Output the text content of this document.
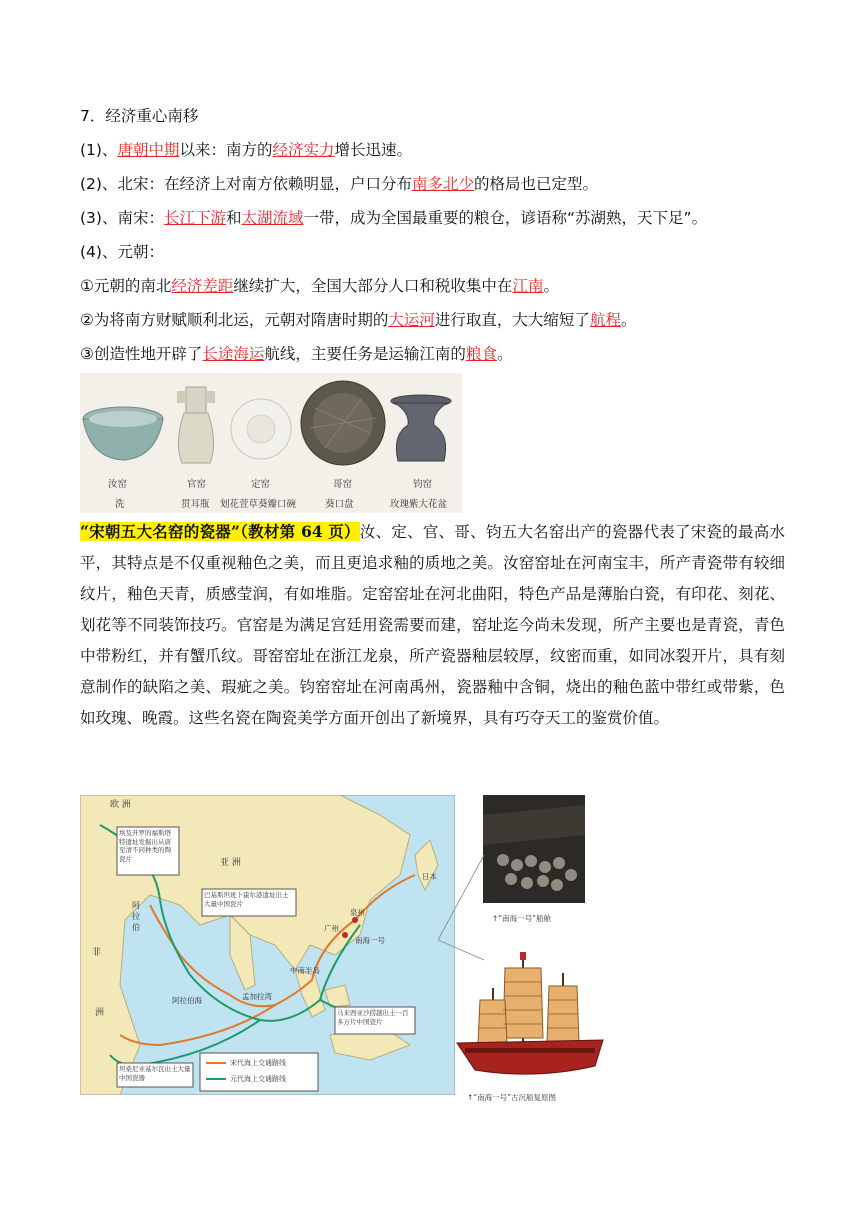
7．经济重心南移
(1)、唐朝中期以来：南方的经济实力增长迅速。
(2)、北宋：在经济上对南方依赖明显，户口分布南多北少的格局也已定型。
(3)、南宋：长江下游和太湖流域一带，成为全国最重要的粮仓，谚语称“苏湖熟，天下足”。
(4)、元朝：
①元朝的南北经济差距继续扩大，全国大部分人口和税收集中在江南。
②为将南方财赋顺利北运，元朝对隋唐时期的大运河进行取直，大大缩短了航程。
③创造性地开辟了长途海运航线，主要任务是运输江南的粮食。
汝窑
洗
官窑
贯耳瓶
定窑
划花萱草葵瓣口碗
哥窑
葵口盘
钧窑
玫瑰紫大花盆
“宋朝五大名窑的瓷器”（教材第 64 页）汝、定、官、哥、钧五大名窑出产的瓷器代表了宋瓷的最高水平，其特点是不仅重视釉色之美，而且更追求釉的质地之美。汝窑窑址在河南宝丰，所产青瓷带有较细纹片，釉色天青，质感莹润，有如堆脂。定窑窑址在河北曲阳，特色产品是薄胎白瓷，有印花、刻花、划花等不同装饰技巧。官窑是为满足宫廷用瓷需要而建，窑址迄今尚未发现，所产主要也是青瓷，青色中带粉红，并有蟹爪纹。哥窑窑址在浙江龙泉，所产瓷器釉层较厚，纹密而重，如同冰裂开片，具有刻意制作的缺陷之美、瑕疵之美。钧窑窑址在河南禹州，瓷器釉中含铜，烧出的釉色蓝中带红或带紫，色如玫瑰、晚霞。这些名瓷在陶瓷美学方面开创出了新境界，具有巧夺天工的鉴赏价值。
欧 洲
亚 洲
非
洲
阿拉伯
阿拉伯海	孟加拉湾
中南半岛
日本
泉州
广州
南海一号
埃及开罗的福斯塔特遗址发掘出从唐至清不同种类的陶瓷片
巴基斯坦班卜霍尔港遗址出土大量中国瓷片
马来西亚沙捞越出土一百多万片中国瓷片
坦桑尼亚基尔瓦出土大量中国瓷器
宋代海上交通路线
元代海上交通路线
↑“南海一号”船舱
↑“南海一号”古沉船复原图
